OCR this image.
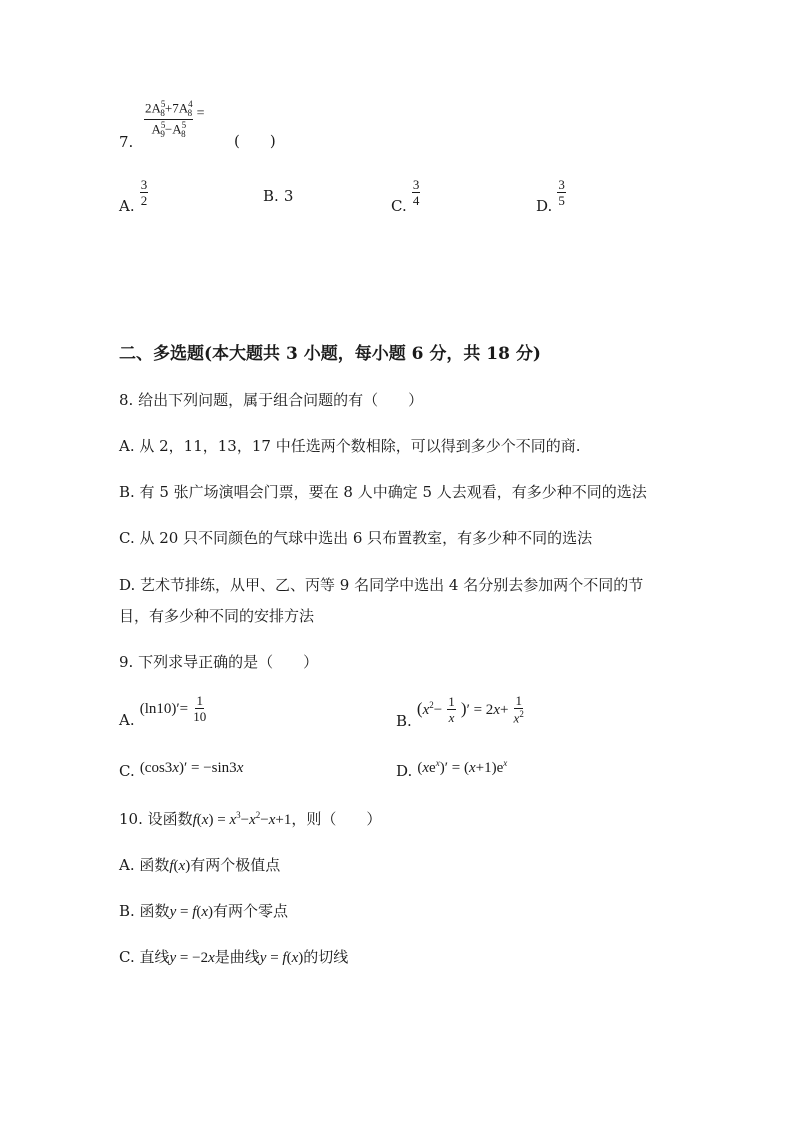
7.
$\frac{2A^5_8+7A^4_8}{A^5_9-A^5_8}$ =
(　　)
A. $\frac{3}{2}$	B. 3
C. $\frac{3}{4}$	D. $\frac{3}{5}$
二、多选题(本大题共 3 小题，每小题 6 分，共 18 分)
8. 给出下列问题，属于组合问题的有（　　）
A. 从 2，11，13，17 中任选两个数相除，可以得到多少个不同的商.
B. 有 5 张广场演唱会门票，要在 8 人中确定 5 人去观看，有多少种不同的选法
C. 从 20 只不同颜色的气球中选出 6 只布置教室，有多少种不同的选法
D. 艺术节排练，从甲、乙、丙等 9 名同学中选出 4 名分别去参加两个不同的节
目，有多少种不同的安排方法
9. 下列求导正确的是（　　）
A. $(\ln 10)'= \frac{1}{10}$	B. ($x^2- \frac{1}{x}$ )′ = $2x+ \frac{1}{x^2}$
C. (cos3x)′ = −sin3x	D. $(xe^x)' = (x+1)e^x$
10. 设函数$f(x) = x^3-x^2-x+1$，则（　　）
A. 函数f(x)有两个极值点
B. 函数y = f(x)有两个零点
C. 直线y = −2x是曲线y = f(x)的切线
